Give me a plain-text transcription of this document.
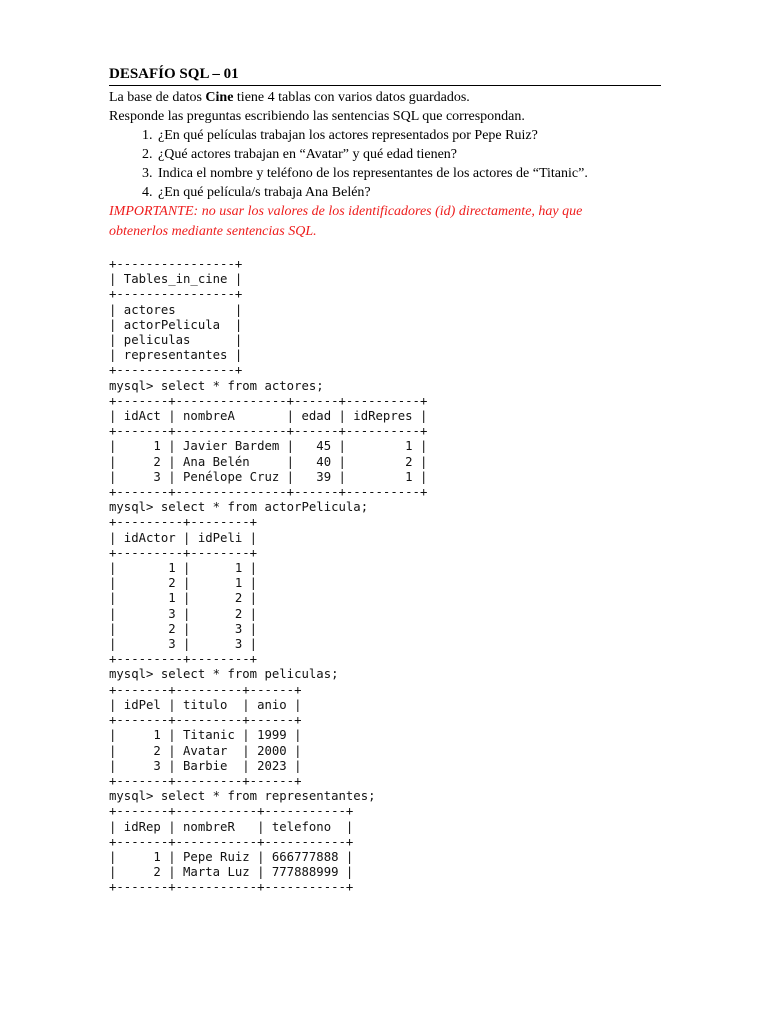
DESAFÍO SQL – 01

La base de datos Cine tiene 4 tablas con varios datos guardados.

Responde las preguntas escribiendo las sentencias SQL que correspondan.

1. ¿En qué películas trabajan los actores representados por Pepe Ruiz?
2. ¿Qué actores trabajan en “Avatar” y qué edad tienen?
3. Indica el nombre y teléfono de los representantes de los actores de “Titanic”.
4. ¿En qué película/s trabaja Ana Belén?

IMPORTANTE: no usar los valores de los identificadores (id) directamente, hay que
obtenerlos mediante sentencias SQL.

+----------------+
| Tables_in_cine |
+----------------+
| actores        |
| actorPelicula  |
| peliculas      |
| representantes |
+----------------+

mysql> select * from actores;

+-------+---------------+------+----------+
| idAct | nombreA       | edad | idRepres |
+-------+---------------+------+----------+
|     1 | Javier Bardem |   45 |        1 |
|     2 | Ana Belén     |   40 |        2 |
|     3 | Penélope Cruz |   39 |        1 |
+-------+---------------+------+----------+

mysql> select * from actorPelicula;

+---------+--------+
| idActor | idPeli |
+---------+--------+
|       1 |      1 |
|       2 |      1 |
|       1 |      2 |
|       3 |      2 |
|       2 |      3 |
|       3 |      3 |
+---------+--------+

mysql> select * from peliculas;

+-------+---------+------+
| idPel | titulo  | anio |
+-------+---------+------+
|     1 | Titanic | 1999 |
|     2 | Avatar  | 2000 |
|     3 | Barbie  | 2023 |
+-------+---------+------+

mysql> select * from representantes;

+-------+-----------+-----------+
| idRep | nombreR   | telefono  |
+-------+-----------+-----------+
|     1 | Pepe Ruiz | 666777888 |
|     2 | Marta Luz | 777888999 |
+-------+-----------+-----------+
